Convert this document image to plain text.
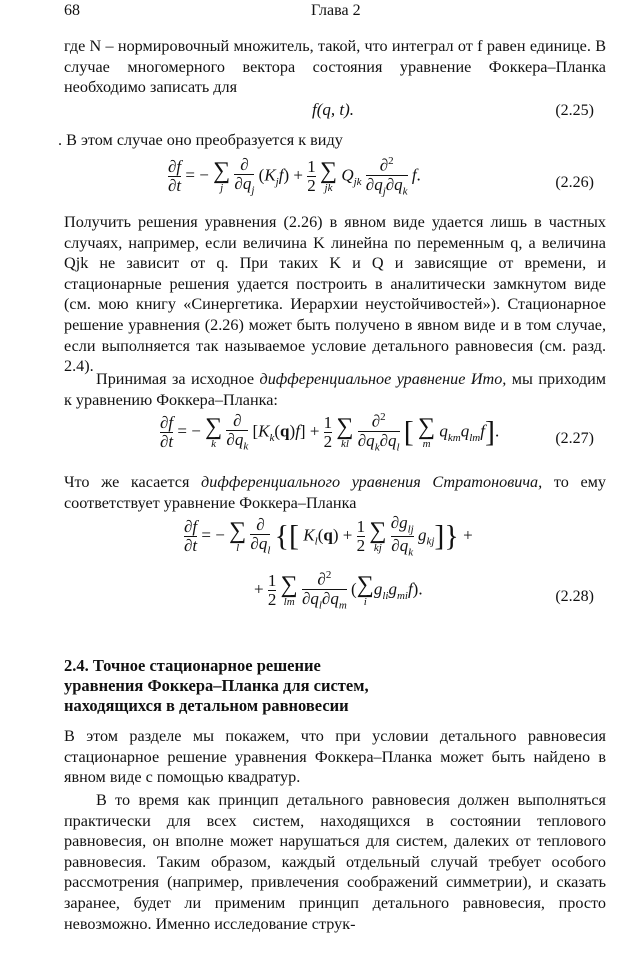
68	Глава 2

где N – нормировочный множитель, такой, что интеграл от f равен единице. В случае многомерного вектора состояния уравнение Фоккера–Планка необходимо записать для

f(q, t).	(2.25)

. В этом случае оно преобразуется к виду

$\frac{\partial f}{\partial t}$ = − ∑
j
$\frac{\partial}{\partial q_j} (K_jf) + \frac{1}{2}$
∑
jk
$Q_{jk} \frac{\partial^2}{\partial q_j\partial q_k} f$.	(2.26)

Получить решения уравнения (2.26) в явном виде удается лишь в частных случаях, например, если величина K линейна по переменным q, а величина Qjk не зависит от q. При таких K и Q и зависящие от времени, и стационарные решения удается построить в аналитически замкнутом виде (см. мою книгу «Синергетика. Иерархии неустойчивостей»). Стационарное решение уравнения (2.26) может быть получено в явном виде и в том случае, если выполняется так называемое условие детального равновесия (см. разд. 2.4).

Принимая за исходное дифференциальное уравнение Ито, мы приходим к уравнению Фоккера–Планка:

$\frac{\partial f}{\partial t}$ = − ∑
k
$\frac{\partial}{\partial q_k} [K_k(q)f] + \frac{1}{2}$
∑
kl
$\frac{\partial^2}{\partial q_k\partial q_l}$ [ ∑
m
$q_{km}q_{lm}f$].	(2.27)

Что же касается дифференциального уравнения Стратоновича, то ему соответствует уравнение Фоккера–Планка

$\frac{\partial f}{\partial t}$ = − ∑
l
$\frac{\partial}{\partial q_l}$ {[ $K_l(q) + \frac{1}{2}$
∑
kj
$\frac{\partial g_{lj}}{\partial q_k} g_{kj}$]} +
+ $\frac{1}{2}$
∑
lm
$\frac{\partial^2}{\partial q_l\partial q_m}$ ( ∑
i
$g_{li}g_{mi}f$).	(2.28)
2.4. Точное стационарное решение
уравнения Фоккера–Планка для систем,
находящихся в детальном равновесии

В этом разделе мы покажем, что при условии детального равновесия стационарное решение уравнения Фоккера–Планка может быть найдено в явном виде с помощью квадратур.

В то время как принцип детального равновесия должен выполняться практически для всех систем, находящихся в состоянии теплового равновесия, он вполне может нарушаться для систем, далеких от теплового равновесия. Таким образом, каждый отдельный случай требует особого рассмотрения (например, привлечения соображений симметрии), и сказать заранее, будет ли применим принцип детального равновесия, просто невозможно. Именно исследование струк-
